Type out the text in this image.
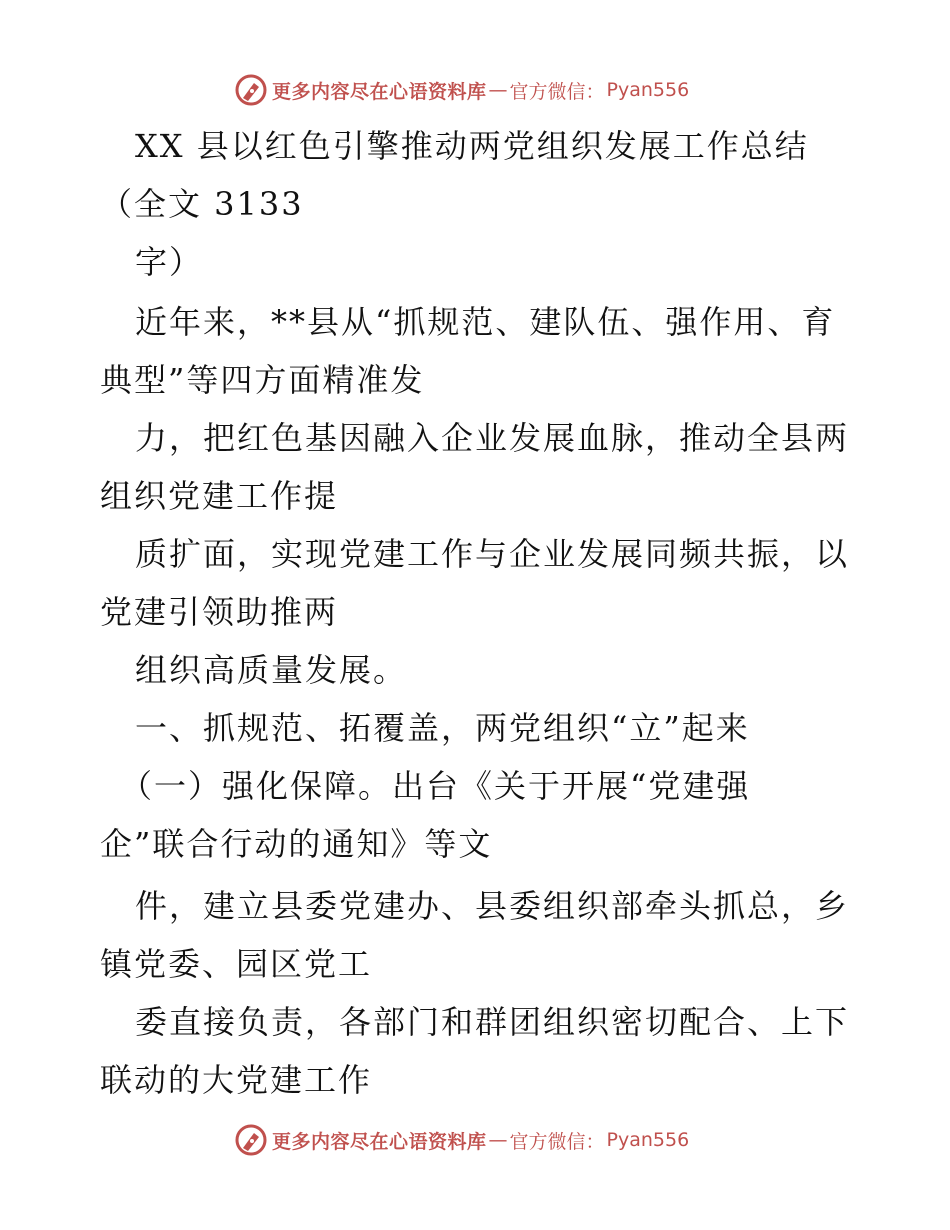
更多内容尽在心语资料库 — 官方微信： Pyan556
XX 县以红色引擎推动两党组织发展工作总结
（全文 3133
字）
近年来，**县从“抓规范、建队伍、强作用、育
典型”等四方面精准发
力，把红色基因融入企业发展血脉，推动全县两
组织党建工作提
质扩面，实现党建工作与企业发展同频共振，以
党建引领助推两
组织高质量发展。
一、抓规范、拓覆盖，两党组织“立”起来
（一）强化保障。出台《关于开展“党建强
企”联合行动的通知》等文
件，建立县委党建办、县委组织部牵头抓总，乡
镇党委、园区党工
委直接负责，各部门和群团组织密切配合、上下
联动的大党建工作
更多内容尽在心语资料库 — 官方微信： Pyan556
